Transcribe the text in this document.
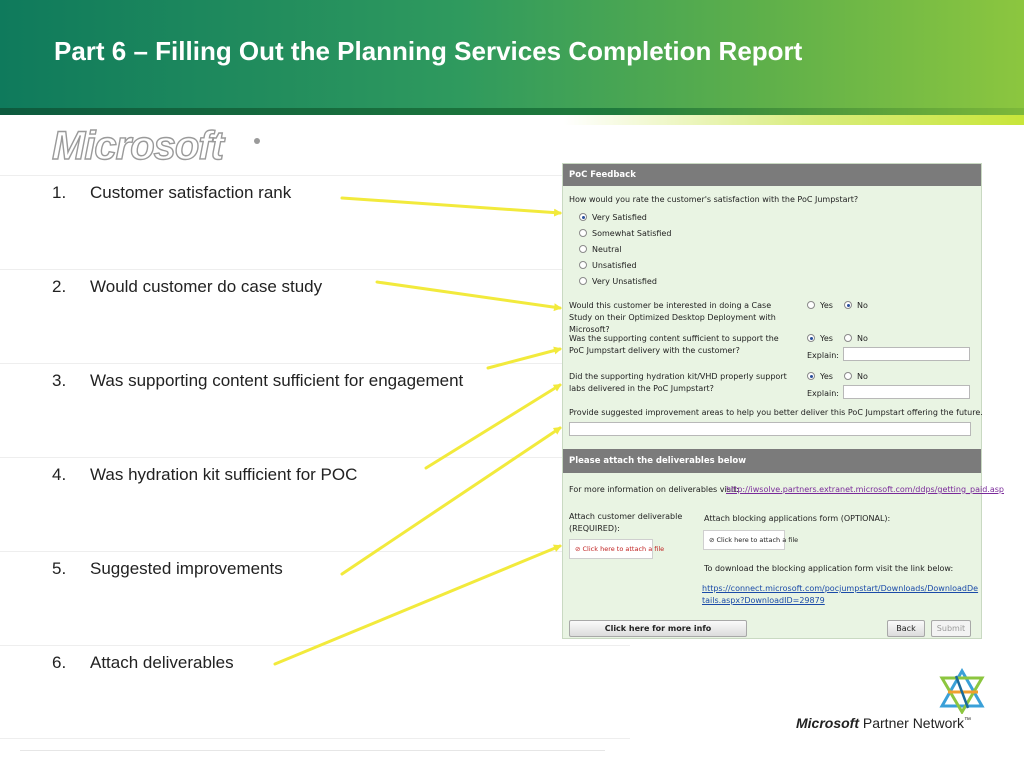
Part 6 – Filling Out the Planning Services Completion Report
Microsoft
1. Customer satisfaction rank
2. Would customer do case study
3. Was supporting content sufficient for engagement
4. Was hydration kit sufficient for POC
5. Suggested improvements
6. Attach deliverables
PoC Feedback
How would you rate the customer's satisfaction with the PoC Jumpstart?
Very Satisfied
Somewhat Satisfied
Neutral
Unsatisfied
Very Unsatisfied
Would this customer be interested in doing a Case Study on their Optimized Desktop Deployment with Microsoft?
Yes	No
Was the supporting content sufficient to support the PoC Jumpstart delivery with the customer?
Yes	No
Explain:
Did the supporting hydration kit/VHD properly support labs delivered in the PoC Jumpstart?
Yes	No
Explain:
Provide suggested improvement areas to help you better deliver this PoC Jumpstart offering the future.
Please attach the deliverables below
For more information on deliverables visit:
http://iwsolve.partners.extranet.microsoft.com/ddps/getting_paid.asp
Attach customer deliverable (REQUIRED):
⊘ Click here to attach a file
Attach blocking applications form (OPTIONAL):
⊘ Click here to attach a file
To download the blocking application form visit the link below:
https://connect.microsoft.com/pocjumpstart/Downloads/DownloadDetails.aspx?DownloadID=29879
Click here for more info	Back	Submit
Microsoft Partner Network™
